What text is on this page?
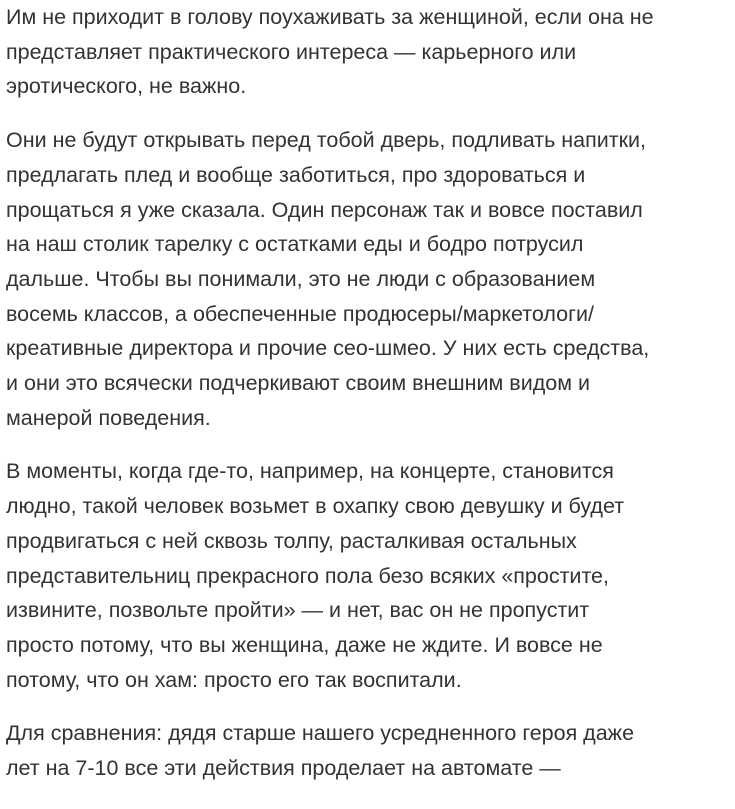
Им не приходит в голову поухаживать за женщиной, если она не
представляет практического интереса — карьерного или
эротического, не важно.

Они не будут открывать перед тобой дверь, подливать напитки,
предлагать плед и вообще заботиться, про здороваться и
прощаться я уже сказала. Один персонаж так и вовсе поставил
на наш столик тарелку с остатками еды и бодро потрусил
дальше. Чтобы вы понимали, это не люди с образованием
восемь классов, а обеспеченные продюсеры/маркетологи/
креативные директора и прочие сео-шмео. У них есть средства,
и они это всячески подчеркивают своим внешним видом и
манерой поведения.

В моменты, когда где-то, например, на концерте, становится
людно, такой человек возьмет в охапку свою девушку и будет
продвигаться с ней сквозь толпу, расталкивая остальных
представительниц прекрасного пола безо всяких «простите,
извините, позвольте пройти» — и нет, вас он не пропустит
просто потому, что вы женщина, даже не ждите. И вовсе не
потому, что он хам: просто его так воспитали.

Для сравнения: дядя старше нашего усредненного героя даже
лет на 7-10 все эти действия проделает на автомате —
